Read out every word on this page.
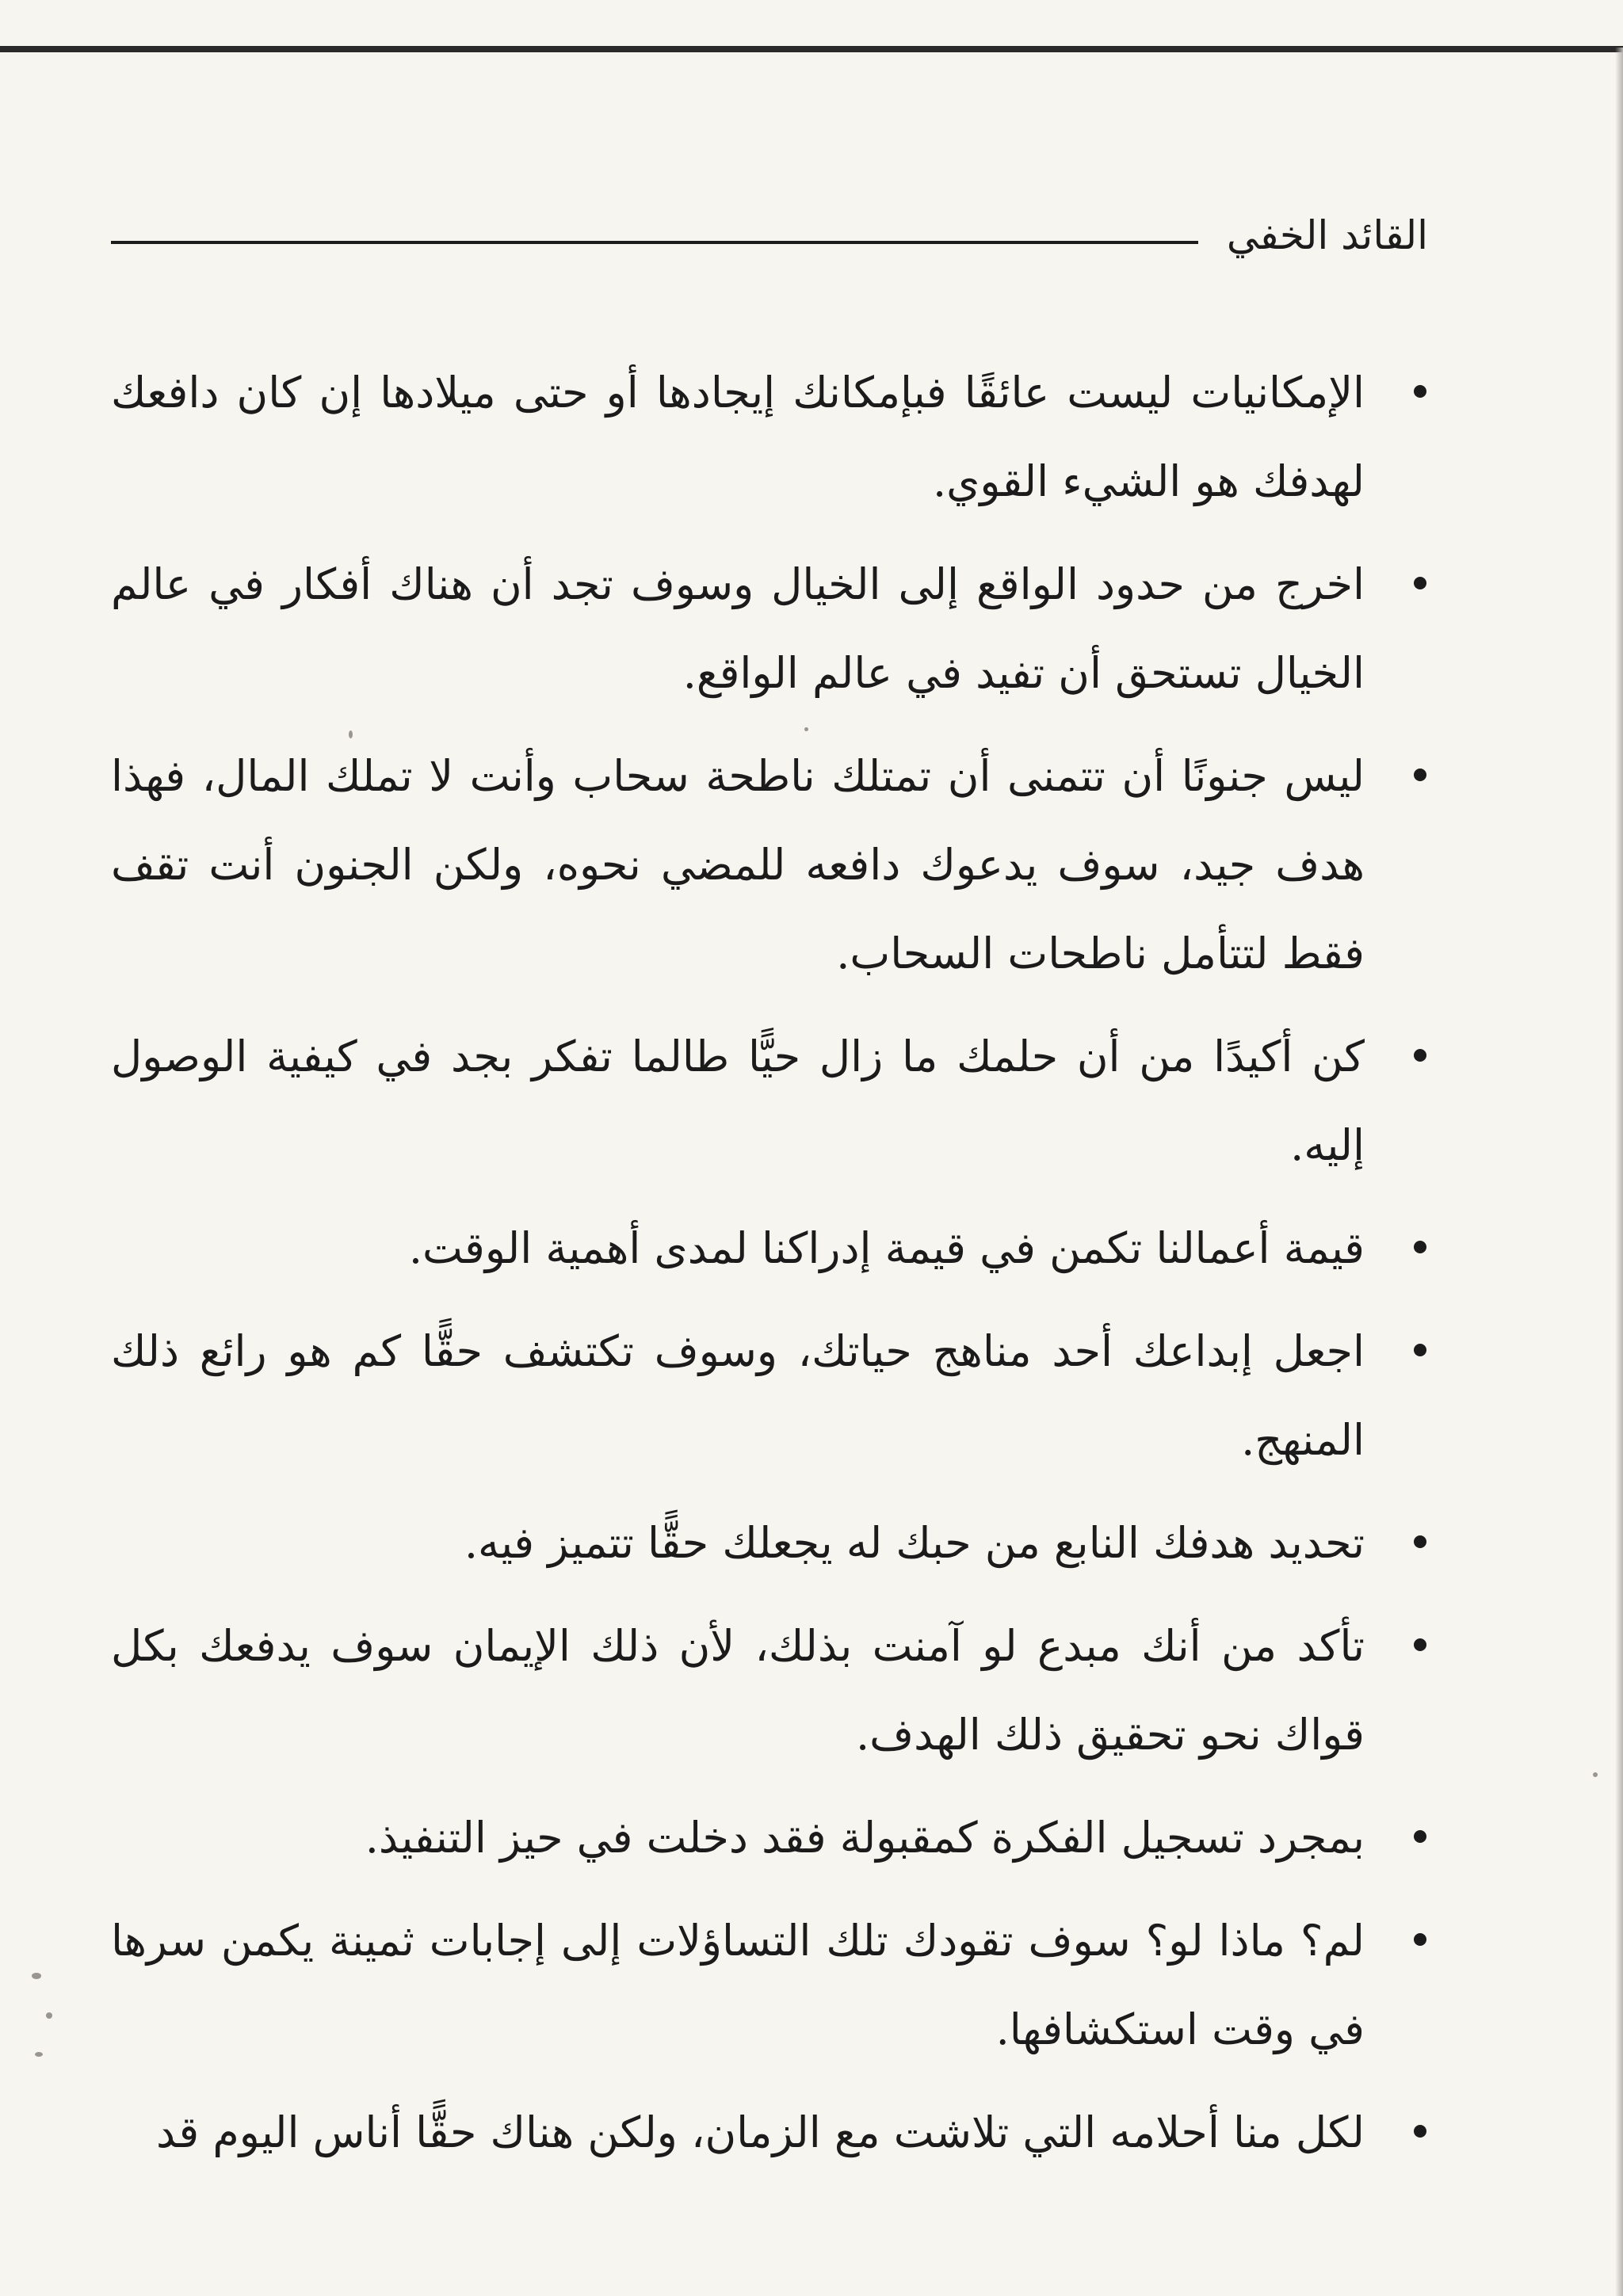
القائد الخفي
الإمكانيات ليست عائقًا فبإمكانك إيجادها أو حتى ميلادها إن كان دافعك لهدفك هو الشيء القوي.
اخرج من حدود الواقع إلى الخيال وسوف تجد أن هناك أفكار في عالم الخيال تستحق أن تفيد في عالم الواقع.
ليس جنونًا أن تتمنى أن تمتلك ناطحة سحاب وأنت لا تملك المال، فهذا هدف جيد، سوف يدعوك دافعه للمضي نحوه، ولكن الجنون أنت تقف فقط لتتأمل ناطحات السحاب.
كن أكيدًا من أن حلمك ما زال حيًّا طالما تفكر بجد في كيفية الوصول إليه.
قيمة أعمالنا تكمن في قيمة إدراكنا لمدى أهمية الوقت.
اجعل إبداعك أحد مناهج حياتك، وسوف تكتشف حقًّا كم هو رائع ذلك المنهج.
تحديد هدفك النابع من حبك له يجعلك حقًّا تتميز فيه.
تأكد من أنك مبدع لو آمنت بذلك، لأن ذلك الإيمان سوف يدفعك بكل قواك نحو تحقيق ذلك الهدف.
بمجرد تسجيل الفكرة كمقبولة فقد دخلت في حيز التنفيذ.
لم؟ ماذا لو؟ سوف تقودك تلك التساؤلات إلى إجابات ثمينة يكمن سرها في وقت استكشافها.
لكل منا أحلامه التي تلاشت مع الزمان، ولكن هناك حقًّا أناس اليوم قد
